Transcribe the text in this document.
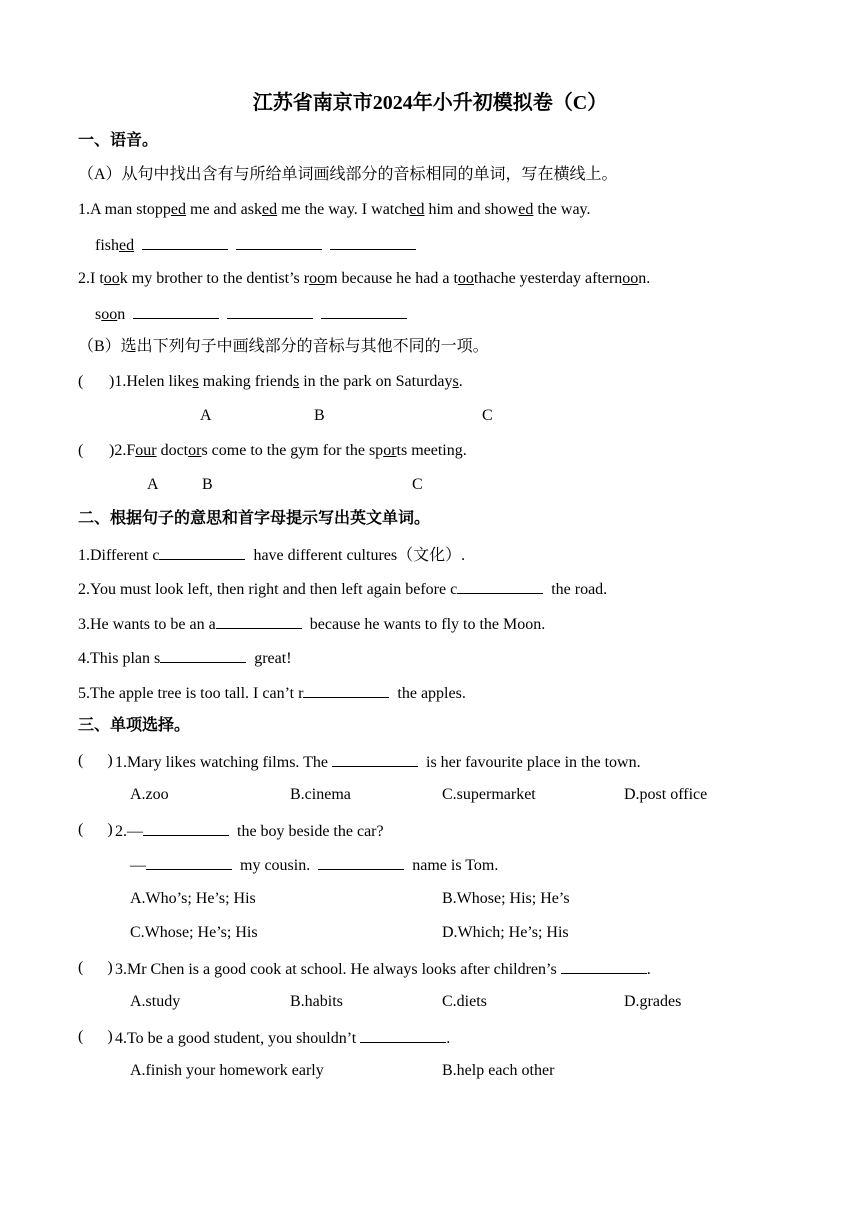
江苏省南京市2024年小升初模拟卷（C）
一、语音。
（A）从句中找出含有与所给单词画线部分的音标相同的单词，写在横线上。
1.A man stopped me and asked me the way. I watched him and showed the way.
fished
2.I took my brother to the dentist’s room because he had a toothache yesterday afternoon.
soon
（B）选出下列句子中画线部分的音标与其他不同的一项。
( )1.Helen likes making friends in the park on Saturdays.
A	B	C
( )2.Four doctors come to the gym for the sports meeting.
A	B	C
二、根据句子的意思和首字母提示写出英文单词。
1.Different c	have different cultures（文化）.
2.You must look left, then right and then left again before c	the road.
3.He wants to be an a	because he wants to fly to the Moon.
4.This plan s	great!
5.The apple tree is too tall. I can’t r	the apples.
三、单项选择。
(      ) 1.Mary likes watching films. The	is her favourite place in the town.
A.zoo	B.cinema	C.supermarket	D.post office
(      ) 2.—	the boy beside the car?
—	my cousin.	name is Tom.
A.Who’s; He’s; His	B.Whose; His; He’s
C.Whose; He’s; His	D.Which; He’s; His
(      ) 3.Mr Chen is a good cook at school. He always looks after children’s	.
A.study	B.habits	C.diets	D.grades
(      ) 4.To be a good student, you shouldn’t	.
A.finish your homework early	B.help each other
